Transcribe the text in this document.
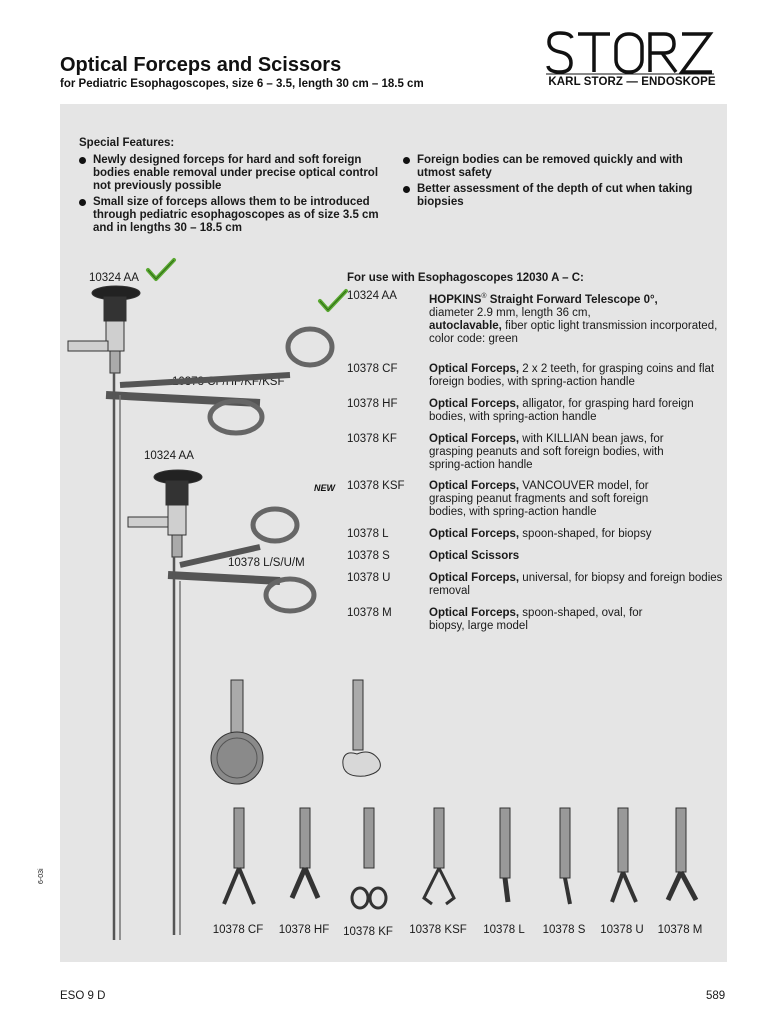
Optical Forceps and Scissors
for Pediatric Esophagoscopes, size 6 – 3.5, length 30 cm – 18.5 cm	KARL STORZ — ENDOSKOPE
Special Features:
Newly designed forceps for hard and soft foreign bodies enable removal under precise optical control not previously possible
Small size of forceps allows them to be introduced through pediatric esophagoscopes as of size 3.5 cm and in lengths 30 – 18.5 cm
Foreign bodies can be removed quickly and with utmost safety
Better assessment of the depth of cut when taking biopsies
For use with Esophagoscopes 12030 A – C:
10324 AA	HOPKINS® Straight Forward Telescope 0°,
diameter 2.9 mm, length 36 cm,
autoclavable, fiber optic light transmission incorporated,
color code: green
10378 CF	Optical Forceps, 2 x 2 teeth, for grasping coins and flat foreign bodies, with spring-action handle
10378 HF	Optical Forceps, alligator, for grasping hard foreign bodies, with spring-action handle
10378 KF	Optical Forceps, with KILLIAN bean jaws, for grasping peanuts and soft foreign bodies, with spring-action handle
NEW 10378 KSF Optical Forceps, VANCOUVER model, for grasping peanut fragments and soft foreign bodies, with spring-action handle
10378 L	Optical Forceps, spoon-shaped, for biopsy
10378 S	Optical Scissors
10378 U	Optical Forceps, universal, for biopsy and foreign bodies removal
10378 M	Optical Forceps, spoon-shaped, oval, for biopsy, large model
10324 AA
10378 CF/HF/KF/KSF
10324 AA
10378 L/S/U/M
10378 CF	10378 HF	10378 KF	10378 KSF	10378 L	10378 S	10378 U	10378 M
6-03i
ESO 9 D	589
